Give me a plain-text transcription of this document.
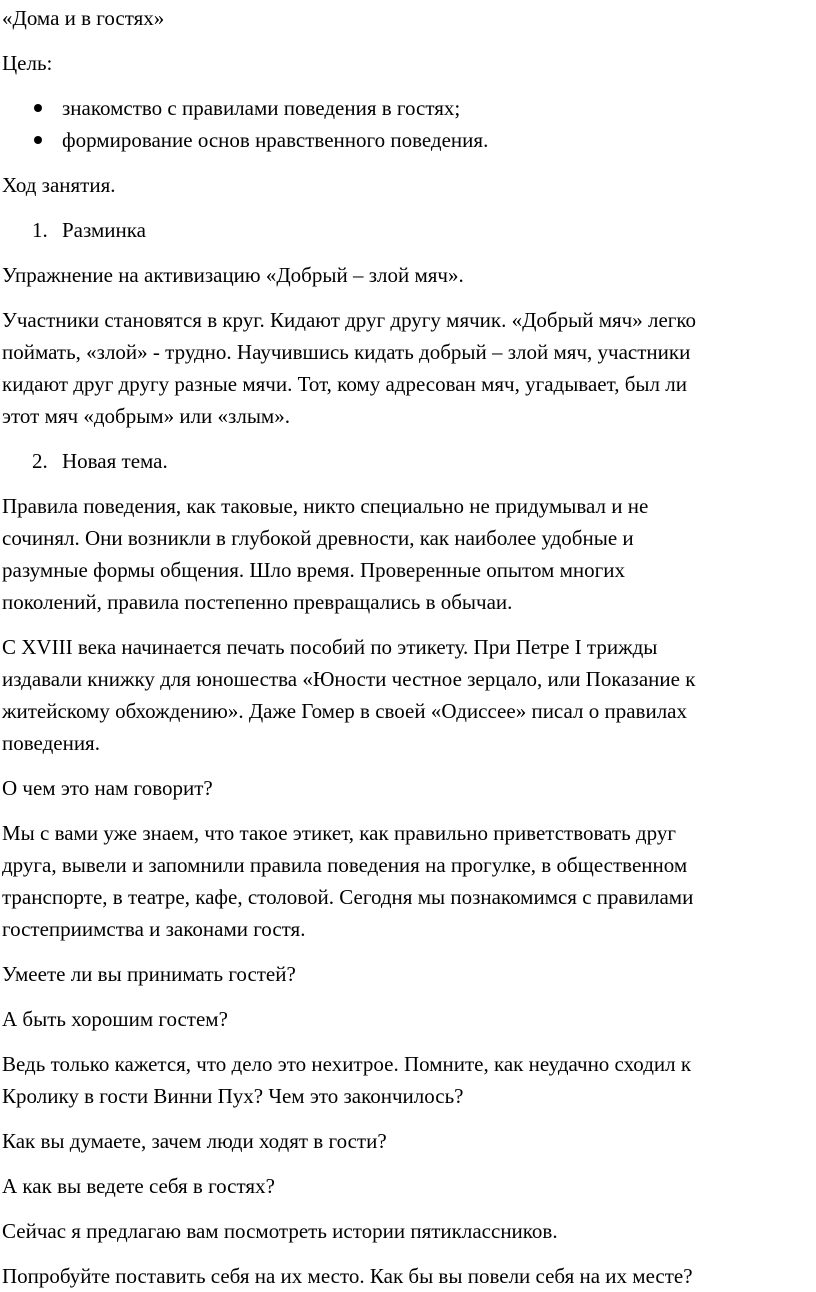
«Дома и в гостях»

Цель:

знакомство с правилами поведения в гостях;
формирование основ нравственного поведения.

Ход занятия.

1. Разминка

Упражнение на активизацию «Добрый – злой мяч».

Участники становятся в круг. Кидают друг другу мячик. «Добрый мяч» легко
поймать, «злой» - трудно. Научившись кидать добрый – злой мяч, участники
кидают друг другу разные мячи. Тот, кому адресован мяч, угадывает, был ли
этот мяч «добрым» или «злым».

2. Новая тема.

Правила поведения, как таковые, никто специально не придумывал и не
сочинял. Они возникли в глубокой древности, как наиболее удобные и
разумные формы общения. Шло время. Проверенные опытом многих
поколений, правила постепенно превращались в обычаи.

С XVIII века начинается печать пособий по этикету. При Петре I трижды
издавали книжку для юношества «Юности честное зерцало, или Показание к
житейскому обхождению». Даже Гомер в своей «Одиссее» писал о правилах
поведения.

О чем это нам говорит?

Мы с вами уже знаем, что такое этикет, как правильно приветствовать друг
друга, вывели и запомнили правила поведения на прогулке, в общественном
транспорте, в театре, кафе, столовой. Сегодня мы познакомимся с правилами
гостеприимства и законами гостя.

Умеете ли вы принимать гостей?

А быть хорошим гостем?

Ведь только кажется, что дело это нехитрое. Помните, как неудачно сходил к
Кролику в гости Винни Пух? Чем это закончилось?

Как вы думаете, зачем люди ходят в гости?

А как вы ведете себя в гостях?

Сейчас я предлагаю вам посмотреть истории пятиклассников.

Попробуйте поставить себя на их место. Как бы вы повели себя на их месте?
